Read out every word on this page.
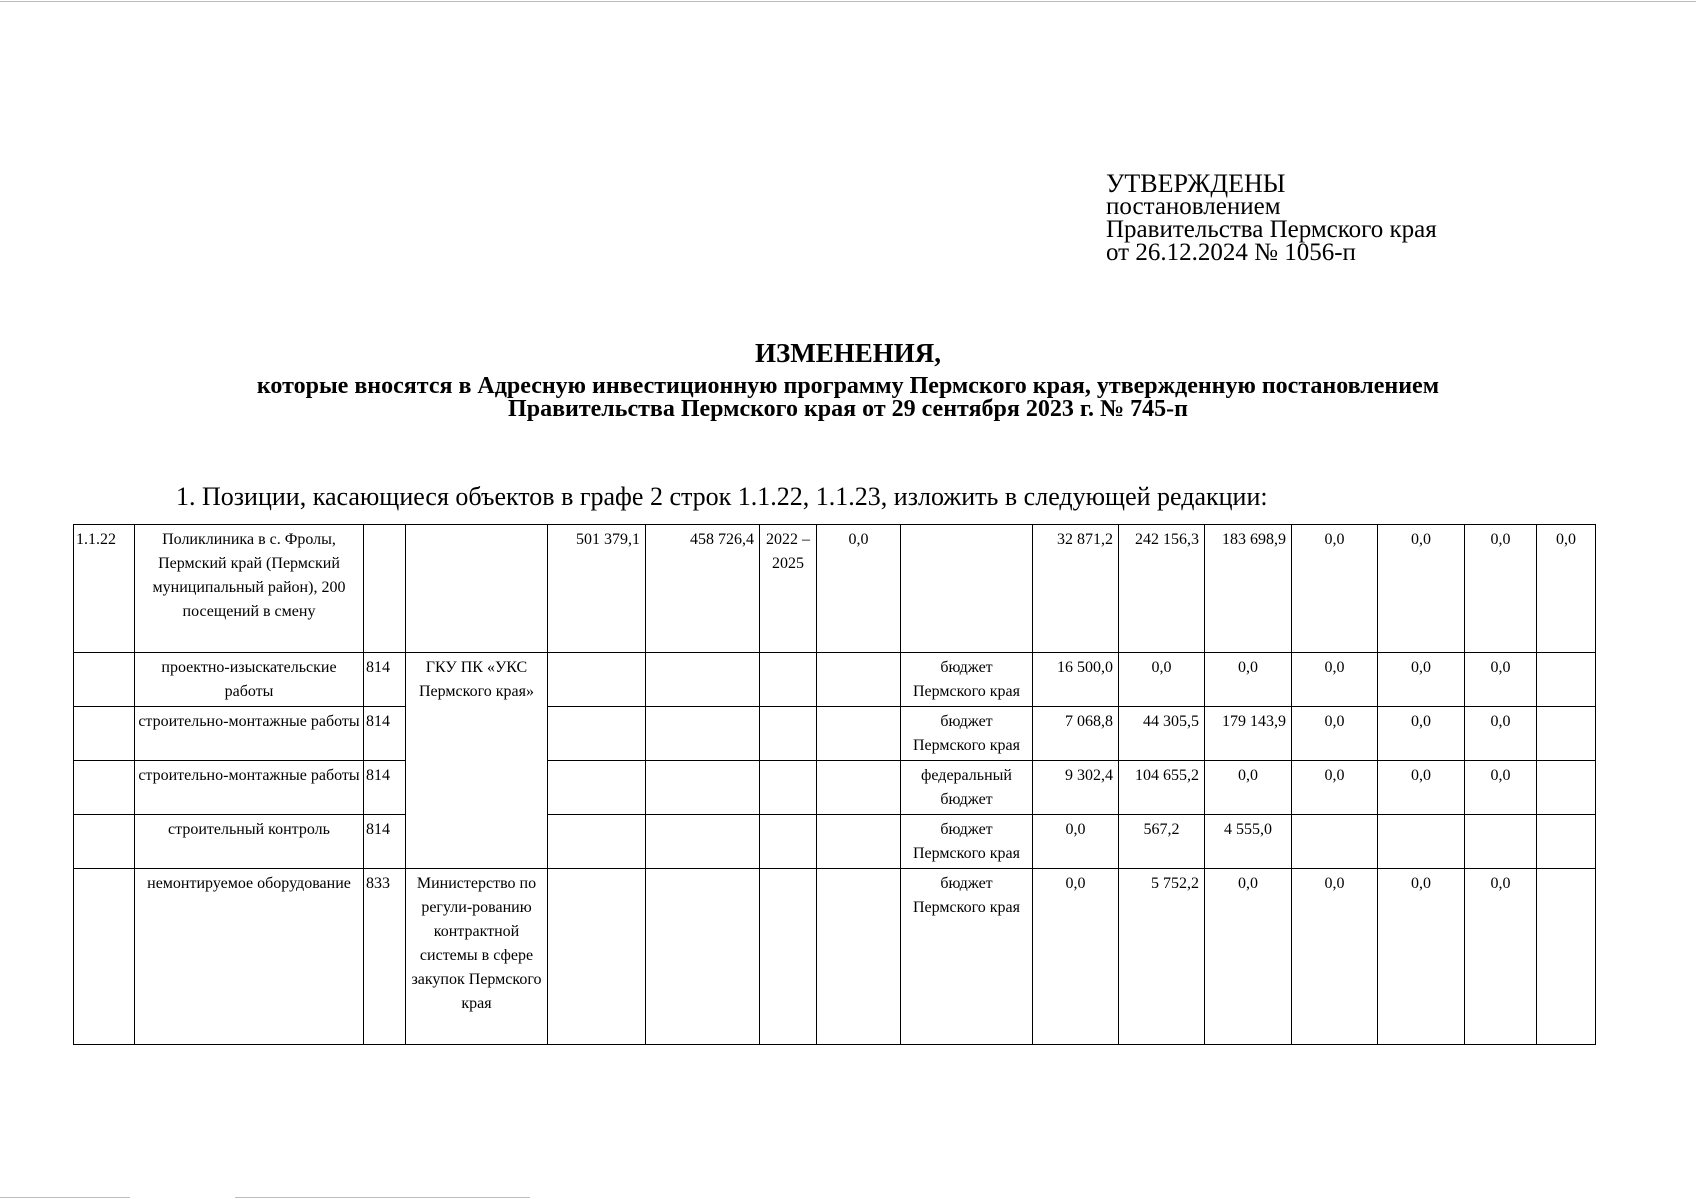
УТВЕРЖДЕНЫ
постановлением
Правительства Пермского края
от 26.12.2024 № 1056-п
ИЗМЕНЕНИЯ,
которые вносятся в Адресную инвестиционную программу Пермского края, утвержденную постановлением
Правительства Пермского края от 29 сентября 2023 г. № 745-п
1. Позиции, касающиеся объектов в графе 2 строк 1.1.22, 1.1.23, изложить в следующей редакции:
1.1.22	Поликлиника в с. Фролы, Пермский край (Пермский муниципальный район), 200 посещений в смену			501 379,1	458 726,4	2022 – 2025	0,0		32 871,2	242 156,3	183 698,9	0,0	0,0	0,0	0,0
	проектно-изыскательские работы	814	ГКУ ПК «УКС Пермского края»					бюджет Пермского края	16 500,0	0,0	0,0	0,0	0,0	0,0	
	строительно-монтажные работы	814						бюджет Пермского края	7 068,8	44 305,5	179 143,9	0,0	0,0	0,0	
	строительно-монтажные работы	814						федеральный бюджет	9 302,4	104 655,2	0,0	0,0	0,0	0,0	
	строительный контроль	814						бюджет Пермского края	0,0	567,2	4 555,0				
	немонтируемое оборудование	833	Министерство по регули-рованию контрактной системы в сфере закупок Пермского края					бюджет Пермского края	0,0	5 752,2	0,0	0,0	0,0	0,0	
